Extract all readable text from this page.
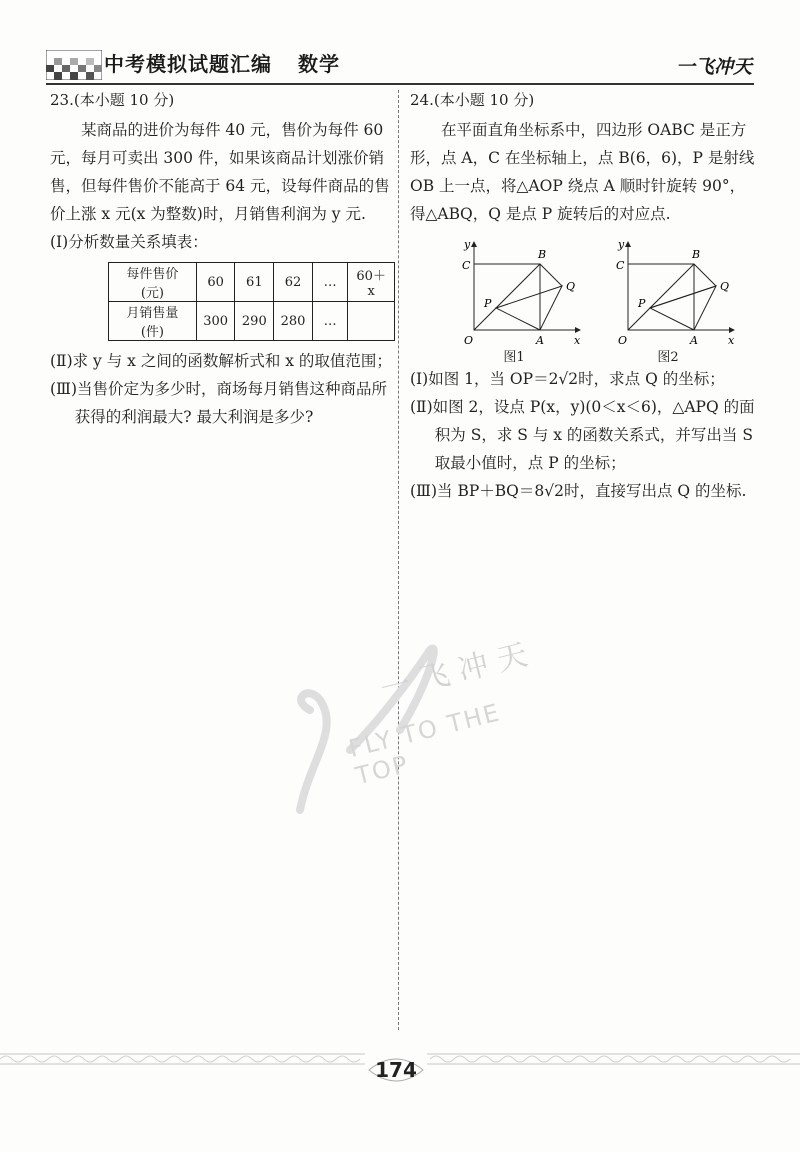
中考模拟试题汇编 数学	一飞冲天
23.(本小题 10 分)
某商品的进价为每件 40 元，售价为每件 60 元，每月可卖出 300 件，如果该商品计划涨价销售，但每件售价不能高于 64 元，设每件商品的售价上涨 x 元(x 为整数)时，月销售利润为 y 元.
(Ⅰ)分析数量关系填表：
每件售价(元)	60	61	62	…	60＋x
月销售量(件)	300	290	280	…	
(Ⅱ)求 y 与 x 之间的函数解析式和 x 的取值范围；
(Ⅲ)当售价定为多少时，商场每月销售这种商品所获得的利润最大? 最大利润是多少?
24.(本小题 10 分)
在平面直角坐标系中，四边形 OABC 是正方形，点 A，C 在坐标轴上，点 B(6，6)，P 是射线 OB 上一点，将△AOP 绕点 A 顺时针旋转 90°，得△ABQ，Q 是点 P 旋转后的对应点.
y
C
B
P
Q
O	A	x
图1
y
C
B
P
Q
O	A	x
图2
(Ⅰ)如图 1，当 OP＝2√2时，求点 Q 的坐标；
(Ⅱ)如图 2，设点 P(x，y)(0＜x＜6)，△APQ 的面积为 S，求 S 与 x 的函数关系式，并写出当 S 取最小值时，点 P 的坐标；
(Ⅲ)当 BP＋BQ＝8√2时，直接写出点 Q 的坐标.
一飞冲天
FLY TO THE TOP
174
